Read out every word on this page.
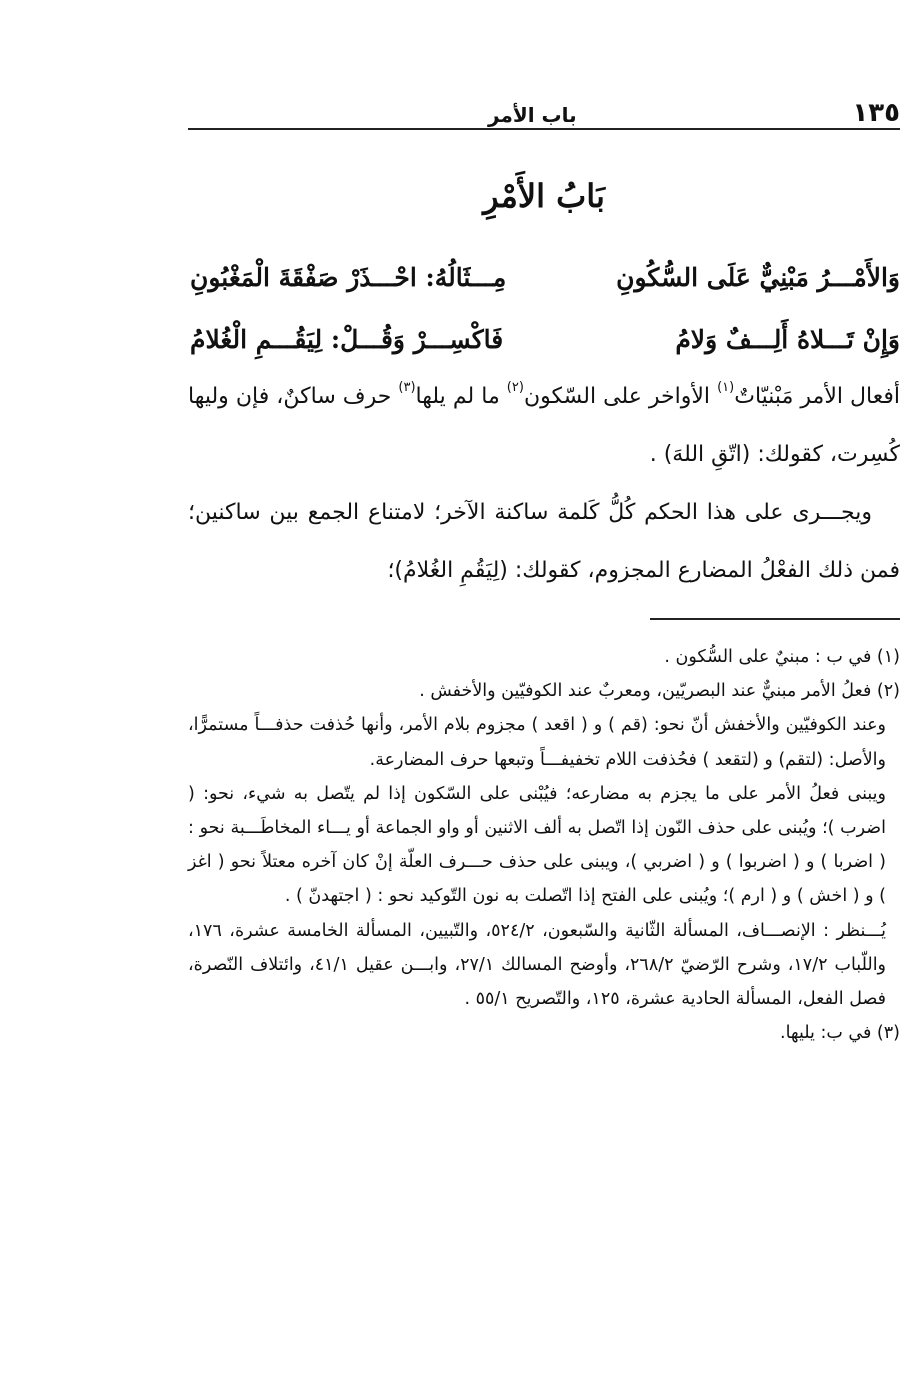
١٣٥
باب الأمر
بَابُ الأَمْرِ
وَالأَمْـــرُ مَبْنِيٌّ عَلَى السُّكُونِ
مِـــثَالُهُ: احْـــذَرْ صَفْقَةَ الْمَغْبُونِ
وَإِنْ تَـــلاهُ أَلِـــفٌ وَلامُ
فَاكْسِـــرْ وَقُـــلْ: لِيَقُـــمِ الْغُلامُ

أفعال الأمر مَبْنيّاتٌ$^{(١)}$ الأواخر على السّكون$^{(٢)}$ ما لم يلها$^{(٣)}$ حرف ساكنٌ، فإن وليها كُسِرت، كقولك: (اتّقِ اللهَ) .

ويجـــرى على هذا الحكم كُلُّ كَلمة ساكنة الآخر؛ لامتناع الجمع بين ساكنين؛ فمن ذلك الفعْلُ المضارع المجزوم، كقولك: (لِيَقُمِ الغُلامُ)؛

(١) في ب : مبنيٌ على السُّكون .

(٢) فعلُ الأمر مبنيٌّ عند البصريّين، ومعربٌ عند الكوفيّين والأخفش .

وعند الكوفيّين والأخفش أنّ نحو: (قم ) و ( اقعد ) مجزوم بلام الأمر، وأنها حُذفت حذفـــاً مستمرًّا، والأصل: (لتقم) و (لتقعد ) فحُذفت اللام تخفيفـــاً وتبعها حرف المضارعة.

ويبنى فعلُ الأمر على ما يجزم به مضارعه؛ فيُبْنى على السّكون إذا لم يتّصل به شيء، نحو: ( اضرب )؛ ويُبنى على حذف النّون إذا اتّصل به ألف الاثنين أو واو الجماعة أو يـــاء المخاطَـــبة نحو : ( اضربا ) و ( اضربوا ) و ( اضربي )، ويبنى على حذف حـــرف العلّة إنْ كان آخره معتلاً نحو ( اغز ) و ( اخش ) و ( ارم )؛ ويُبنى على الفتح إذا اتّصلت به نون التّوكيد نحو : ( اجتهدنّ ) .

يُـــنظر : الإنصـــاف، المسألة الثّانية والسّبعون، ٥٢٤/٢، والتّبيين، المسألة الخامسة عشرة، ١٧٦، واللّباب ١٧/٢، وشرح الرّضيّ ٢٦٨/٢، وأوضح المسالك ٢٧/١، وابـــن عقيل ٤١/١، وائتلاف النّصرة، فصل الفعل، المسألة الحادية عشرة، ١٢٥، والتّصريح ٥٥/١ .

(٣) في ب: يليها.
